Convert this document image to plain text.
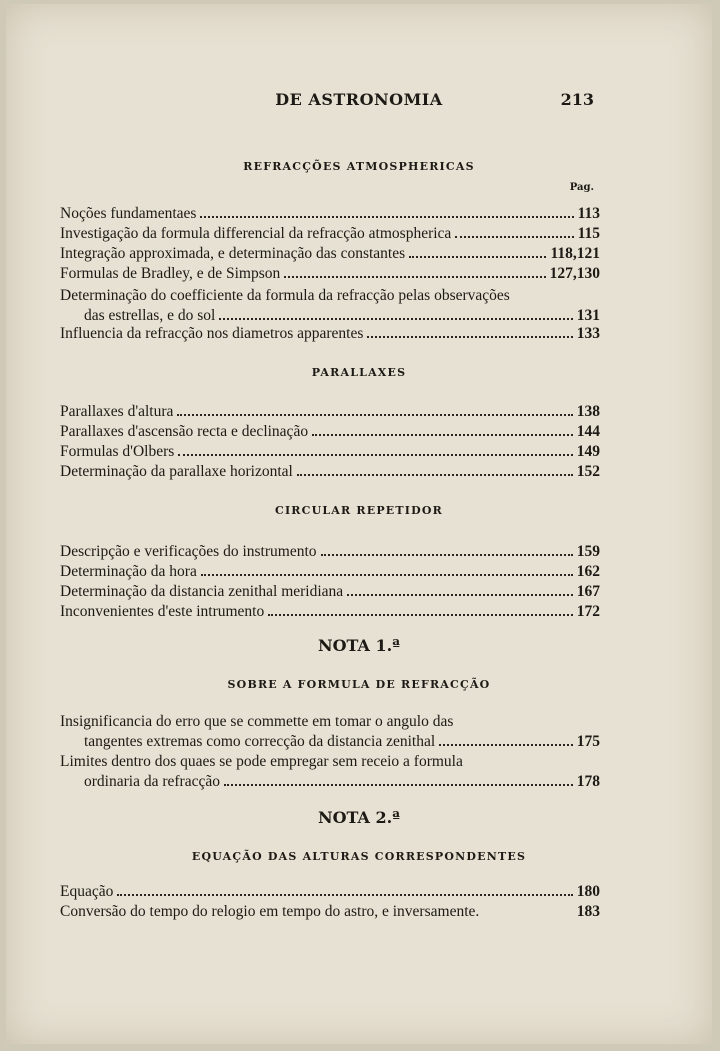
DE ASTRONOMIA	213
REFRACÇÕES ATMOSPHERICAS
Pag.
Noções fundamentaes	113
Investigação da formula differencial da refracção atmospherica	115
Integração approximada, e determinação das constantes	118,121
Formulas de Bradley, e de Simpson	127,130
Determinação do coefficiente da formula da refracção pelas observações
das estrellas, e do sol	131
Influencia da refracção nos diametros apparentes	133
PARALLAXES
Parallaxes d'altura	138
Parallaxes d'ascensão recta e declinação	144
Formulas d'Olbers	149
Determinação da parallaxe horizontal	152
CIRCULAR REPETIDOR
Descripção e verificações do instrumento	159
Determinação da hora	162
Determinação da distancia zenithal meridiana	167
Inconvenientes d'este intrumento	172
NOTA 1.ª
SOBRE A FORMULA DE REFRACÇÃO
Insignificancia do erro que se commette em tomar o angulo das
tangentes extremas como correcção da distancia zenithal	175
Limites dentro dos quaes se pode empregar sem receio a formula
ordinaria da refracção	178
NOTA 2.ª
EQUAÇÃO DAS ALTURAS CORRESPONDENTES
Equação	180
Conversão do tempo do relogio em tempo do astro, e inversamente.	183
